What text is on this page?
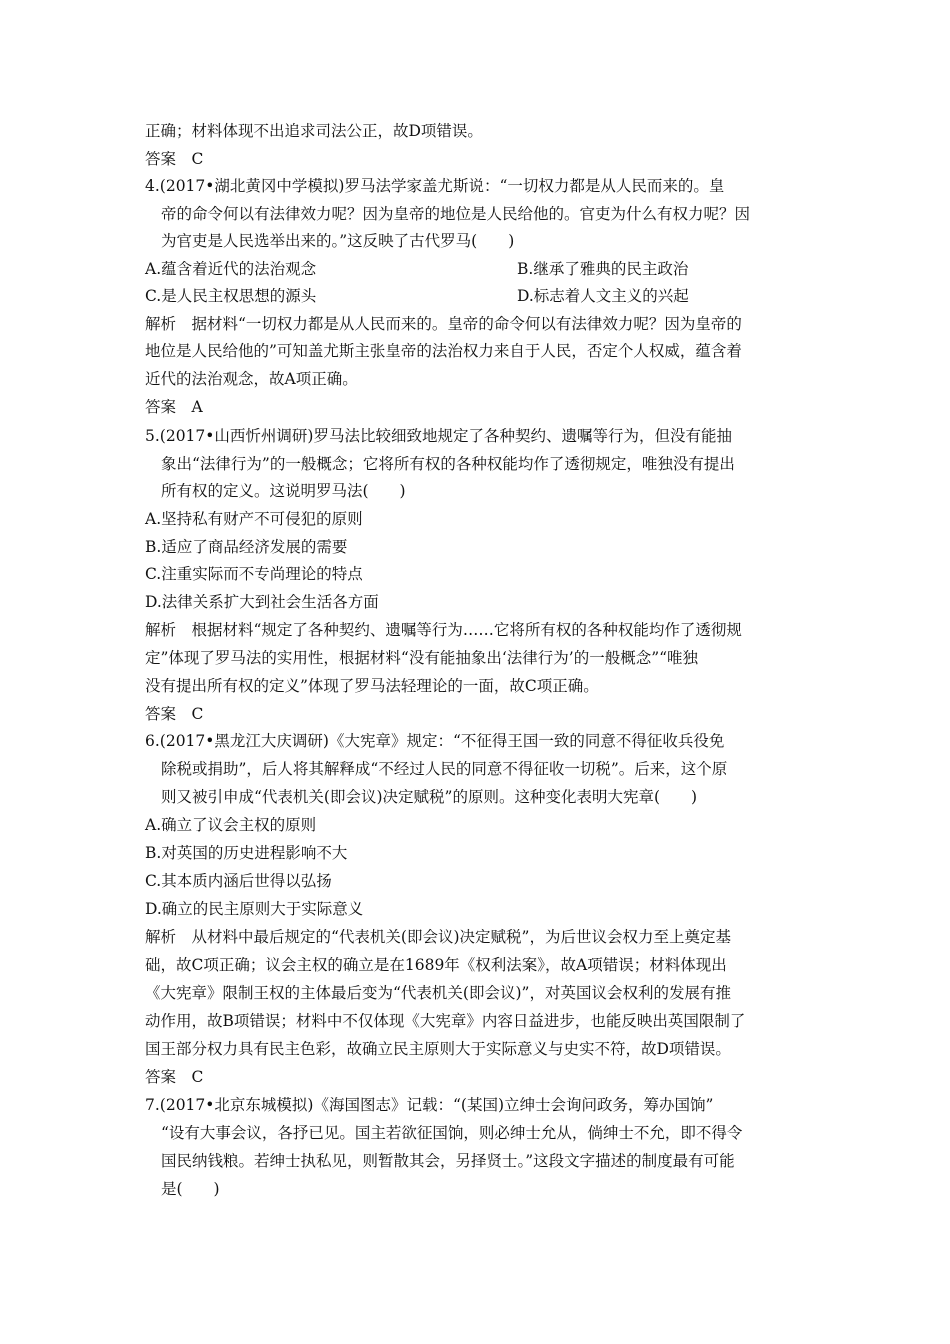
正确；材料体现不出追求司法公正，故D项错误。
答案　C
4.(2017•湖北黄冈中学模拟)罗马法学家盖尤斯说：“一切权力都是从人民而来的。皇
帝的命令何以有法律效力呢？因为皇帝的地位是人民给他的。官吏为什么有权力呢？因
为官吏是人民选举出来的。”这反映了古代罗马(　　)
A.蕴含着近代的法治观念	B.继承了雅典的民主政治
C.是人民主权思想的源头	D.标志着人文主义的兴起
解析　据材料“一切权力都是从人民而来的。皇帝的命令何以有法律效力呢？因为皇帝的
地位是人民给他的”可知盖尤斯主张皇帝的法治权力来自于人民，否定个人权威，蕴含着
近代的法治观念，故A项正确。
答案　A
5.(2017•山西忻州调研)罗马法比较细致地规定了各种契约、遗嘱等行为，但没有能抽
象出“法律行为”的一般概念；它将所有权的各种权能均作了透彻规定，唯独没有提出
所有权的定义。这说明罗马法(　　)
A.坚持私有财产不可侵犯的原则
B.适应了商品经济发展的需要
C.注重实际而不专尚理论的特点
D.法律关系扩大到社会生活各方面
解析　根据材料“规定了各种契约、遗嘱等行为……它将所有权的各种权能均作了透彻规
定”体现了罗马法的实用性，根据材料“没有能抽象出‘法律行为’的一般概念”“唯独
没有提出所有权的定义”体现了罗马法轻理论的一面，故C项正确。
答案　C
6.(2017•黑龙江大庆调研)《大宪章》规定：“不征得王国一致的同意不得征收兵役免
除税或捐助”，后人将其解释成“不经过人民的同意不得征收一切税”。后来，这个原
则又被引申成“代表机关(即会议)决定赋税”的原则。这种变化表明大宪章(　　)
A.确立了议会主权的原则
B.对英国的历史进程影响不大
C.其本质内涵后世得以弘扬
D.确立的民主原则大于实际意义
解析　从材料中最后规定的“代表机关(即会议)决定赋税”，为后世议会权力至上奠定基
础，故C项正确；议会主权的确立是在1689年《权利法案》，故A项错误；材料体现出
《大宪章》限制王权的主体最后变为“代表机关(即会议)”，对英国议会权利的发展有推
动作用，故B项错误；材料中不仅体现《大宪章》内容日益进步，也能反映出英国限制了
国王部分权力具有民主色彩，故确立民主原则大于实际意义与史实不符，故D项错误。
答案　C
7.(2017•北京东城模拟)《海国图志》记载：“(某国)立绅士会询问政务，筹办国饷”
“设有大事会议，各抒已见。国主若欲征国饷，则必绅士允从，倘绅士不允，即不得令
国民纳钱粮。若绅士执私见，则暂散其会，另择贤士。”这段文字描述的制度最有可能
是(　　)
